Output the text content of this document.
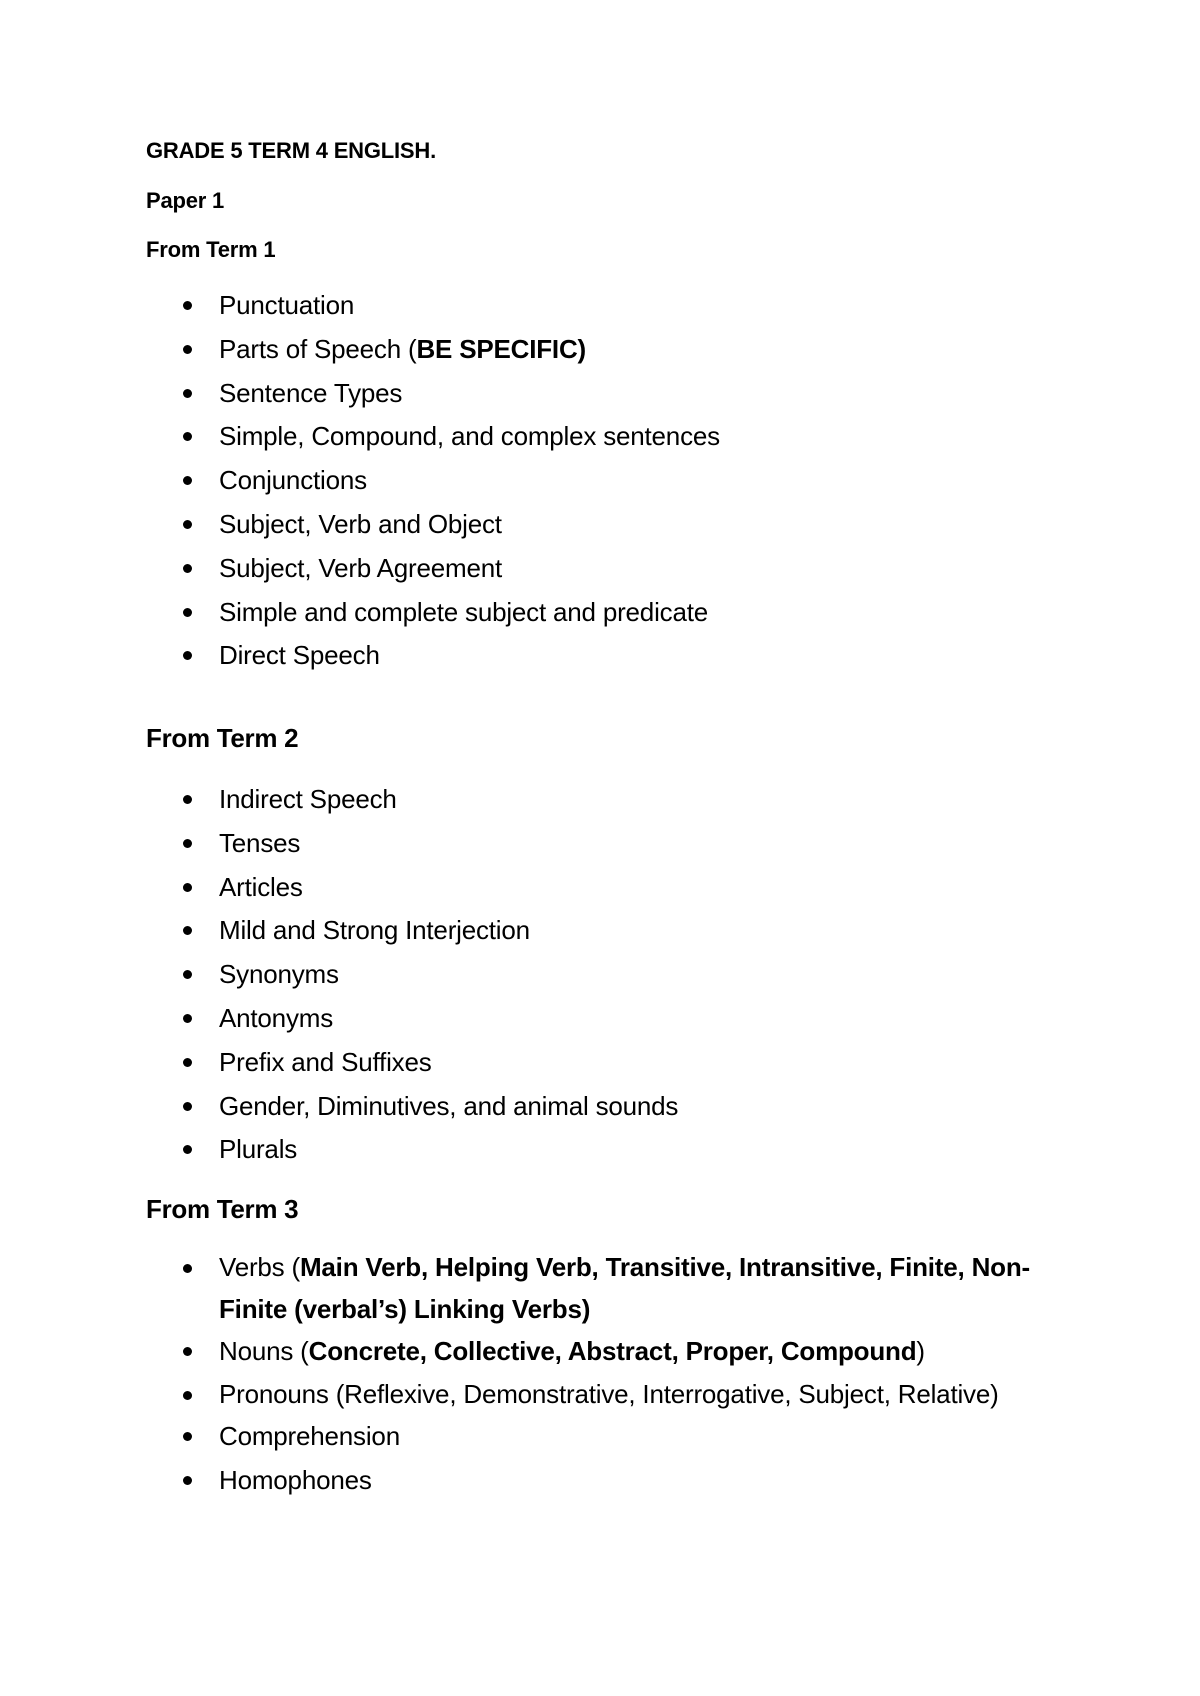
GRADE 5 TERM 4 ENGLISH.
Paper 1
From Term 1
Punctuation
Parts of Speech (BE SPECIFIC)
Sentence Types
Simple, Compound, and complex sentences
Conjunctions
Subject, Verb and Object
Subject, Verb Agreement
Simple and complete subject and predicate
Direct Speech
From Term 2
Indirect Speech
Tenses
Articles
Mild and Strong Interjection
Synonyms
Antonyms
Prefix and Suffixes
Gender, Diminutives, and animal sounds
Plurals
From Term 3
Verbs (Main Verb, Helping Verb, Transitive, Intransitive, Finite, Non-Finite (verbal’s) Linking Verbs)
Nouns (Concrete, Collective, Abstract, Proper, Compound)
Pronouns (Reflexive, Demonstrative, Interrogative, Subject, Relative)
Comprehension
Homophones
